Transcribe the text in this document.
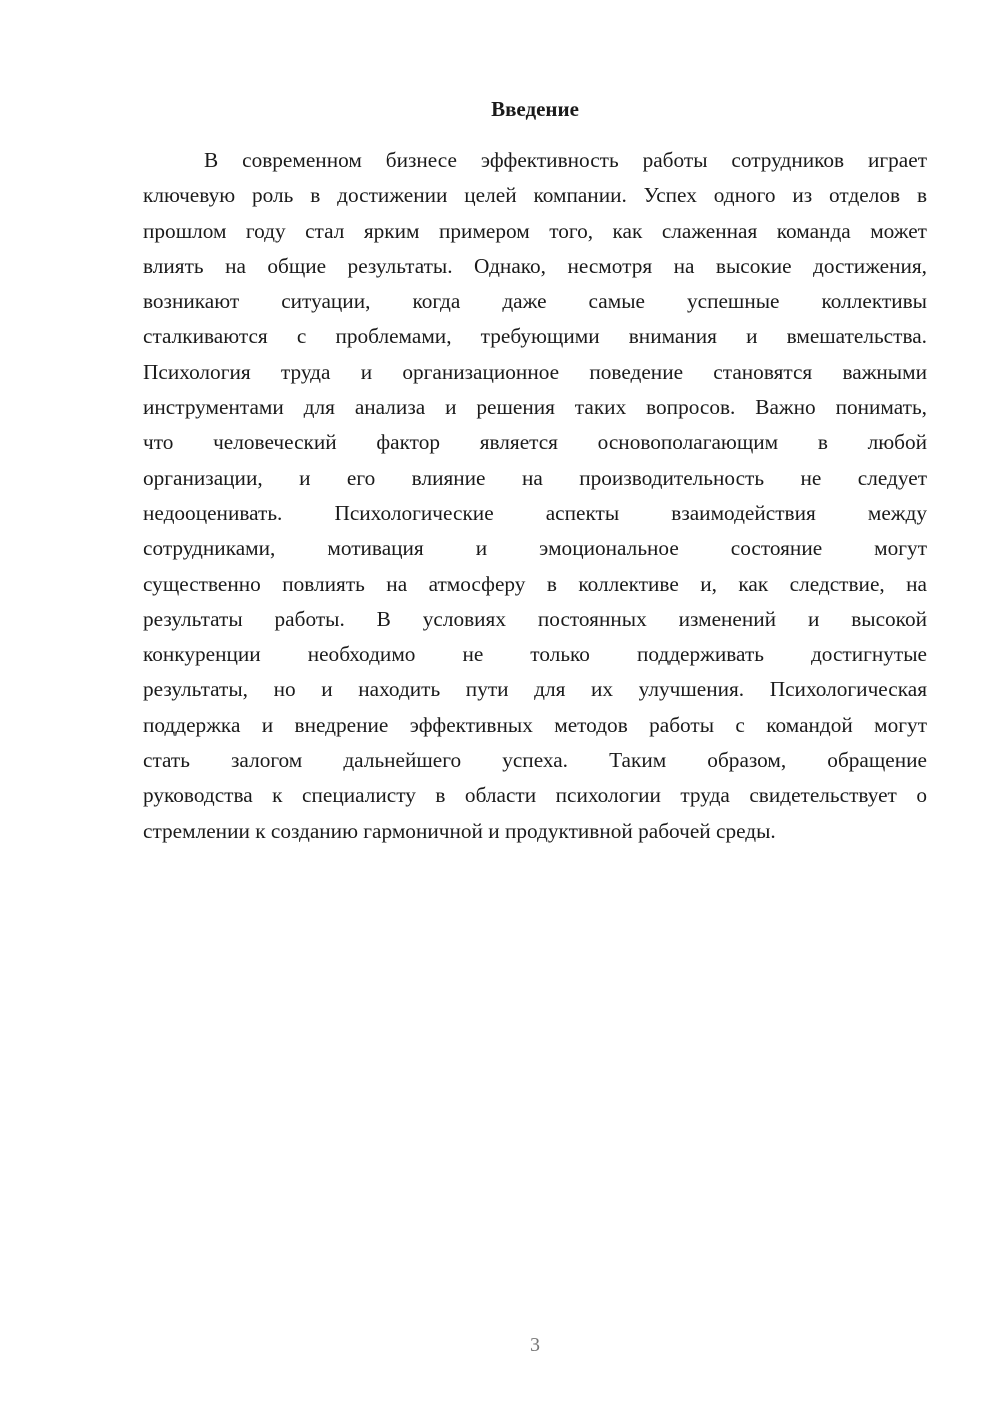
Введение
В современном бизнесе эффективность работы сотрудников играет
ключевую роль в достижении целей компании. Успех одного из отделов в
прошлом году стал ярким примером того, как слаженная команда может
влиять на общие результаты. Однако, несмотря на высокие достижения,
возникают ситуации, когда даже самые успешные коллективы
сталкиваются с проблемами, требующими внимания и вмешательства.
Психология труда и организационное поведение становятся важными
инструментами для анализа и решения таких вопросов. Важно понимать,
что человеческий фактор является основополагающим в любой
организации, и его влияние на производительность не следует
недооценивать. Психологические аспекты взаимодействия между
сотрудниками, мотивация и эмоциональное состояние могут
существенно повлиять на атмосферу в коллективе и, как следствие, на
результаты работы. В условиях постоянных изменений и высокой
конкуренции необходимо не только поддерживать достигнутые
результаты, но и находить пути для их улучшения. Психологическая
поддержка и внедрение эффективных методов работы с командой могут
стать залогом дальнейшего успеха. Таким образом, обращение
руководства к специалисту в области психологии труда свидетельствует о
стремлении к созданию гармоничной и продуктивной рабочей среды.
3
